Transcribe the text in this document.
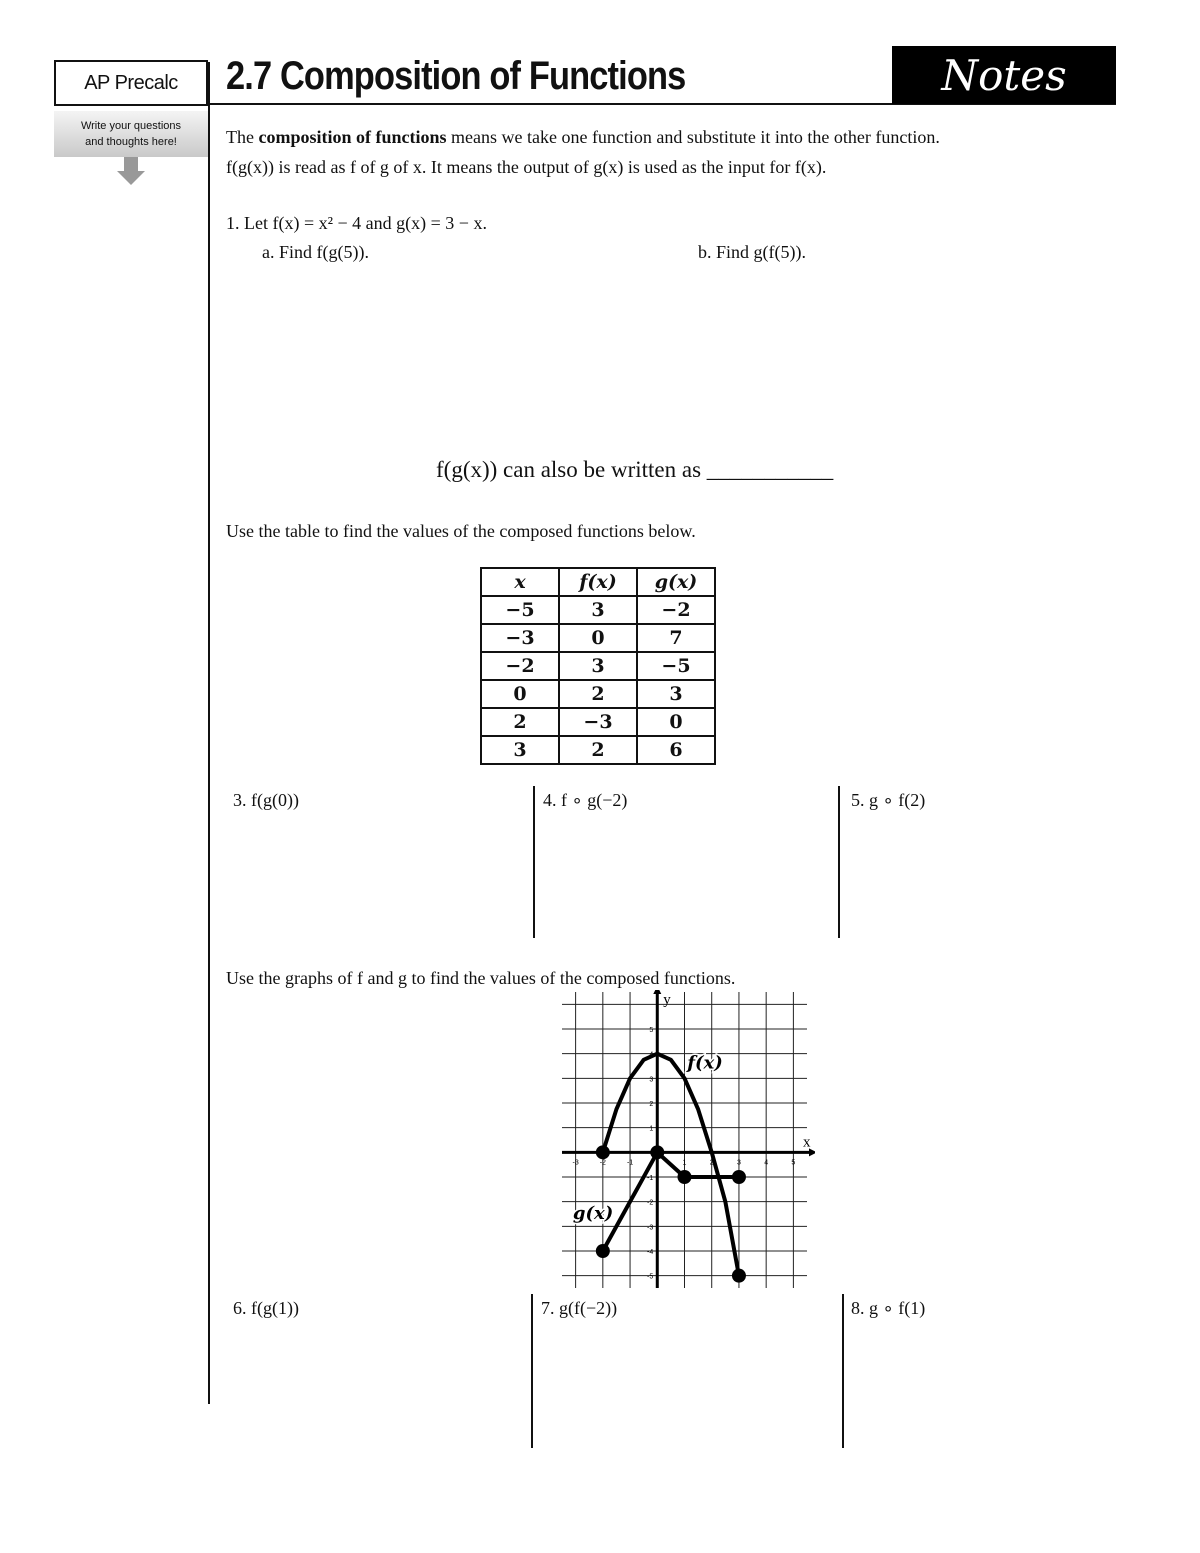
AP Precalc
Write your questions
and thoughts here!
2.7 Composition of Functions	Notes
The composition of functions means we take one function and substitute it into the other function.
f(g(x)) is read as f of g of x. It means the output of g(x) is used as the input for f(x).
1. Let f(x) = x² − 4 and g(x) = 3 − x.
a. Find f(g(5)).	b. Find g(f(5)).
f(g(x)) can also be written as ___________
Use the table to find the values of the composed functions below.
x	f(x)	g(x)
−5	3	−2
−3	0	7
−2	3	−5
0	2	3
2	−3	0
3	2	6
3. f(g(0))	4. f ∘ g(−2)	5. g ∘ f(2)
Use the graphs of f and g to find the values of the composed functions.
x
y
-3	-2	-1	1	2	3	4	5
5
4
3
2
1
-1
-2
-3
-4
-5
f(x)
g(x)
6. f(g(1))	7. g(f(−2))	8. g ∘ f(1)
